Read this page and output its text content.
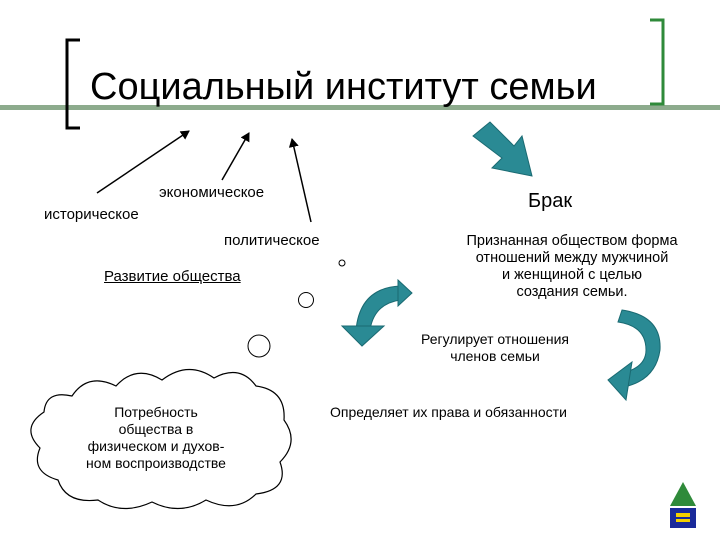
Социальный институт семьи
историческое
экономическое
политическое
Развитие общества
Потребность
общества в
физическом и духов-
ном воспроизводстве
Брак
Признанная обществом форма
отношений между мужчиной
и женщиной с целью
создания семьи.
Регулирует отношения
членов семьи
Определяет их права и обязанности
